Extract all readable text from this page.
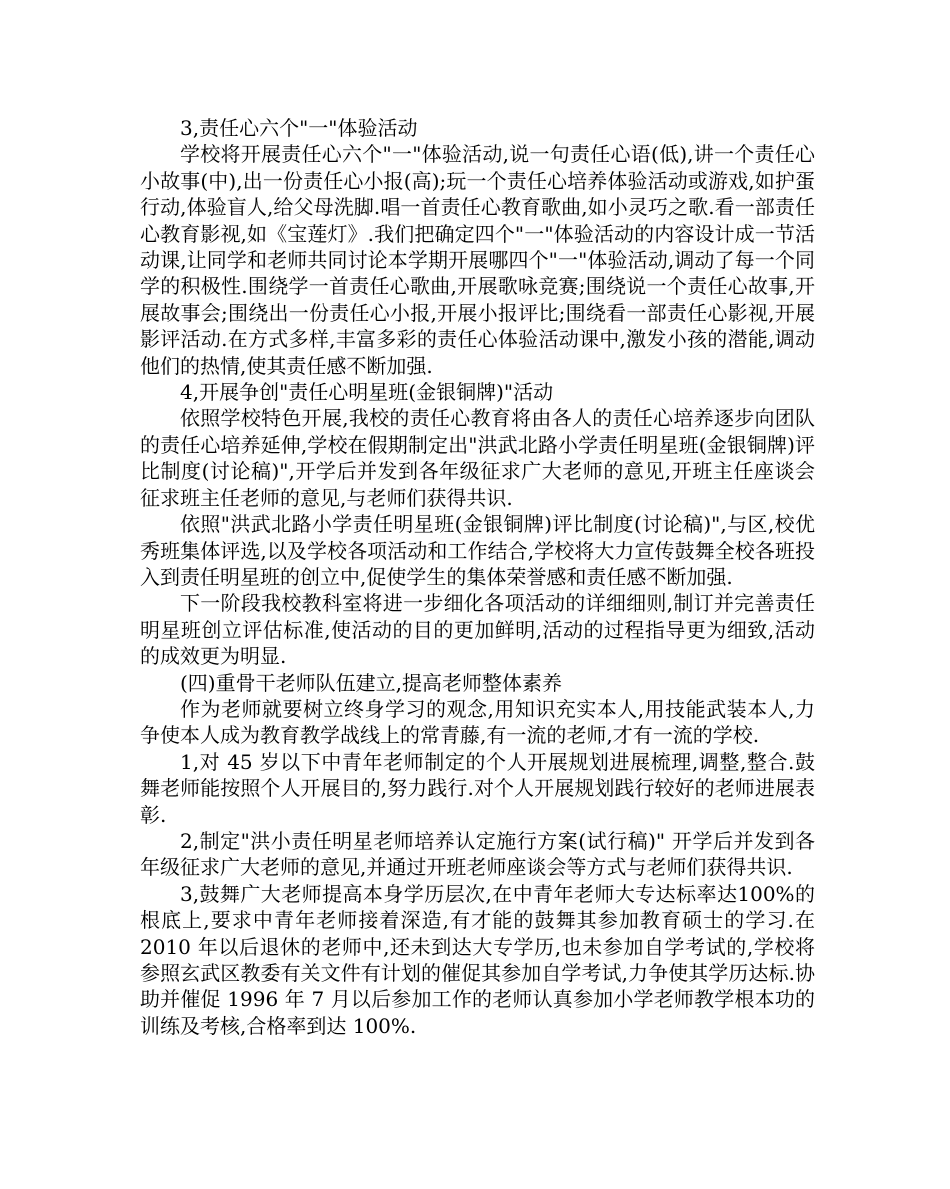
3,责任心六个"一"体验活动

学校将开展责任心六个"一"体验活动,说一句责任心语(低),讲一个责任心小故事(中),出一份责任心小报(高);玩一个责任心培养体验活动或游戏,如护蛋行动,体验盲人,给父母洗脚.唱一首责任心教育歌曲,如小灵巧之歌.看一部责任心教育影视,如《宝莲灯》.我们把确定四个"一"体验活动的内容设计成一节活动课,让同学和老师共同讨论本学期开展哪四个"一"体验活动,调动了每一个同学的积极性.围绕学一首责任心歌曲,开展歌咏竞赛;围绕说一个责任心故事,开展故事会;围绕出一份责任心小报,开展小报评比;围绕看一部责任心影视,开展影评活动.在方式多样,丰富多彩的责任心体验活动课中,激发小孩的潜能,调动他们的热情,使其责任感不断加强.

4,开展争创"责任心明星班(金银铜牌)"活动

依照学校特色开展,我校的责任心教育将由各人的责任心培养逐步向团队的责任心培养延伸,学校在假期制定出"洪武北路小学责任明星班(金银铜牌)评比制度(讨论稿)",开学后并发到各年级征求广大老师的意见,开班主任座谈会征求班主任老师的意见,与老师们获得共识.

依照"洪武北路小学责任明星班(金银铜牌)评比制度(讨论稿)",与区,校优秀班集体评选,以及学校各项活动和工作结合,学校将大力宣传鼓舞全校各班投入到责任明星班的创立中,促使学生的集体荣誉感和责任感不断加强.

下一阶段我校教科室将进一步细化各项活动的详细细则,制订并完善责任明星班创立评估标准,使活动的目的更加鲜明,活动的过程指导更为细致,活动的成效更为明显.

(四)重骨干老师队伍建立,提高老师整体素养

作为老师就要树立终身学习的观念,用知识充实本人,用技能武装本人,力争使本人成为教育教学战线上的常青藤,有一流的老师,才有一流的学校.

1,对 45 岁以下中青年老师制定的个人开展规划进展梳理,调整,整合.鼓舞老师能按照个人开展目的,努力践行.对个人开展规划践行较好的老师进展表彰.

2,制定"洪小责任明星老师培养认定施行方案(试行稿)" 开学后并发到各年级征求广大老师的意见,并通过开班老师座谈会等方式与老师们获得共识.

3,鼓舞广大老师提高本身学历层次,在中青年老师大专达标率达100%的根底上,要求中青年老师接着深造,有才能的鼓舞其参加教育硕士的学习.在 2010 年以后退休的老师中,还未到达大专学历,也未参加自学考试的,学校将参照玄武区教委有关文件有计划的催促其参加自学考试,力争使其学历达标.协助并催促 1996 年 7 月以后参加工作的老师认真参加小学老师教学根本功的训练及考核,合格率到达 100%.
